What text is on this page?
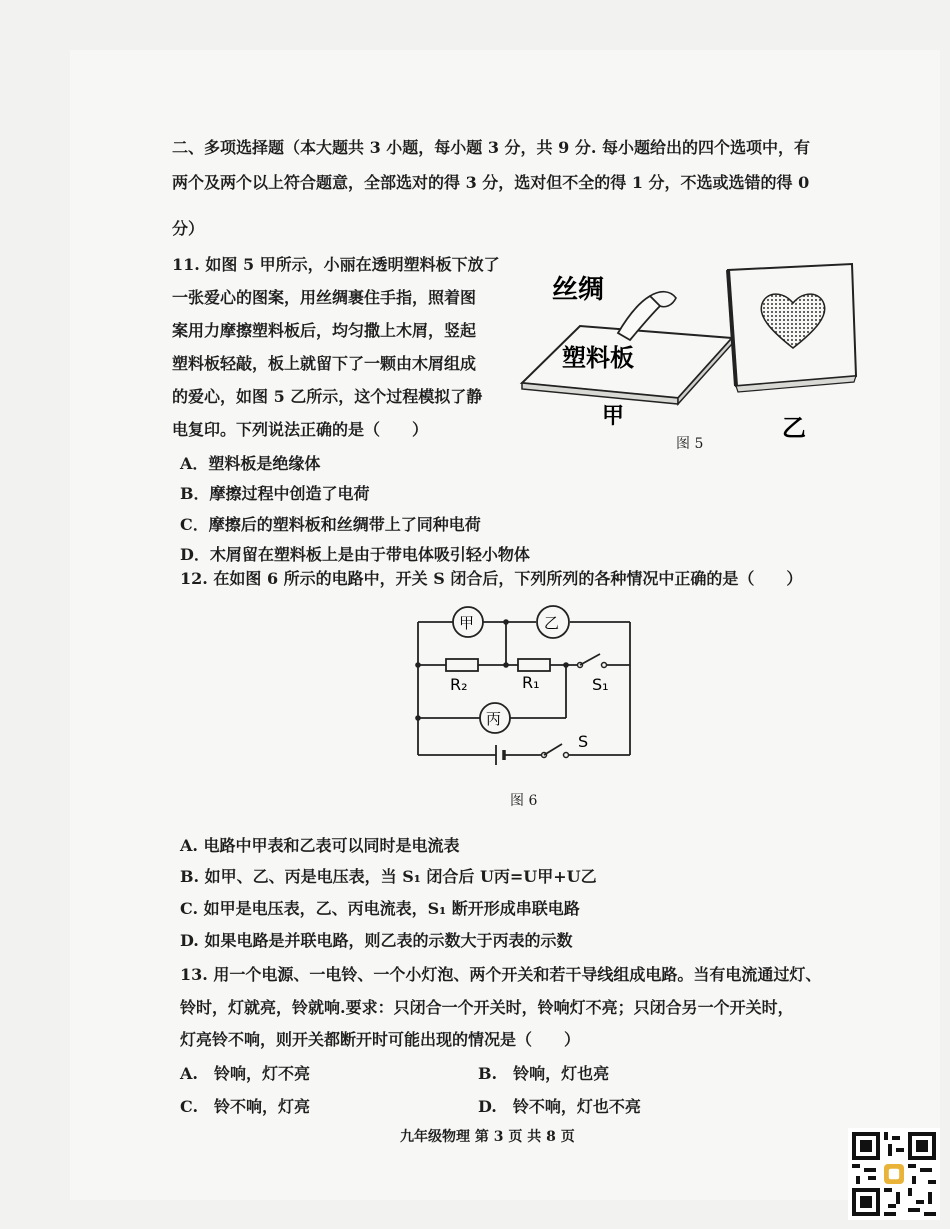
二、多项选择题（本大题共 3 小题，每小题 3 分，共 9 分. 每小题给出的四个选项中，有
两个及两个以上符合题意，全部选对的得 3 分，选对但不全的得 1 分，不选或选错的得 0
分）
11. 如图 5 甲所示，小丽在透明塑料板下放了
一张爱心的图案，用丝绸裹住手指，照着图
案用力摩擦塑料板后，均匀撒上木屑，竖起
塑料板轻敲，板上就留下了一颗由木屑组成
的爱心，如图 5 乙所示，这个过程模拟了静
电复印。下列说法正确的是（　　）
A．塑料板是绝缘体
B．摩擦过程中创造了电荷
C．摩擦后的塑料板和丝绸带上了同种电荷
D．木屑留在塑料板上是由于带电体吸引轻小物体
丝绸
塑料板
甲	乙
图 5
12. 在如图 6 所示的电路中，开关 S 闭合后，下列所列的各种情况中正确的是（　　）
甲	乙
丙
R₂	R₁	S₁
S
图 6
A. 电路中甲表和乙表可以同时是电流表
B. 如甲、乙、丙是电压表，当 S₁ 闭合后 U丙=U甲+U乙
C. 如甲是电压表，乙、丙电流表，S₁ 断开形成串联电路
D. 如果电路是并联电路，则乙表的示数大于丙表的示数
13. 用一个电源、一电铃、一个小灯泡、两个开关和若干导线组成电路。当有电流通过灯、
铃时，灯就亮，铃就响.要求：只闭合一个开关时，铃响灯不亮；只闭合另一个开关时，
灯亮铃不响，则开关都断开时可能出现的情况是（　　）
A.　铃响，灯不亮	B.　铃响，灯也亮
C.　铃不响，灯亮	D.　铃不响，灯也不亮
九年级物理 第 3 页 共 8 页
